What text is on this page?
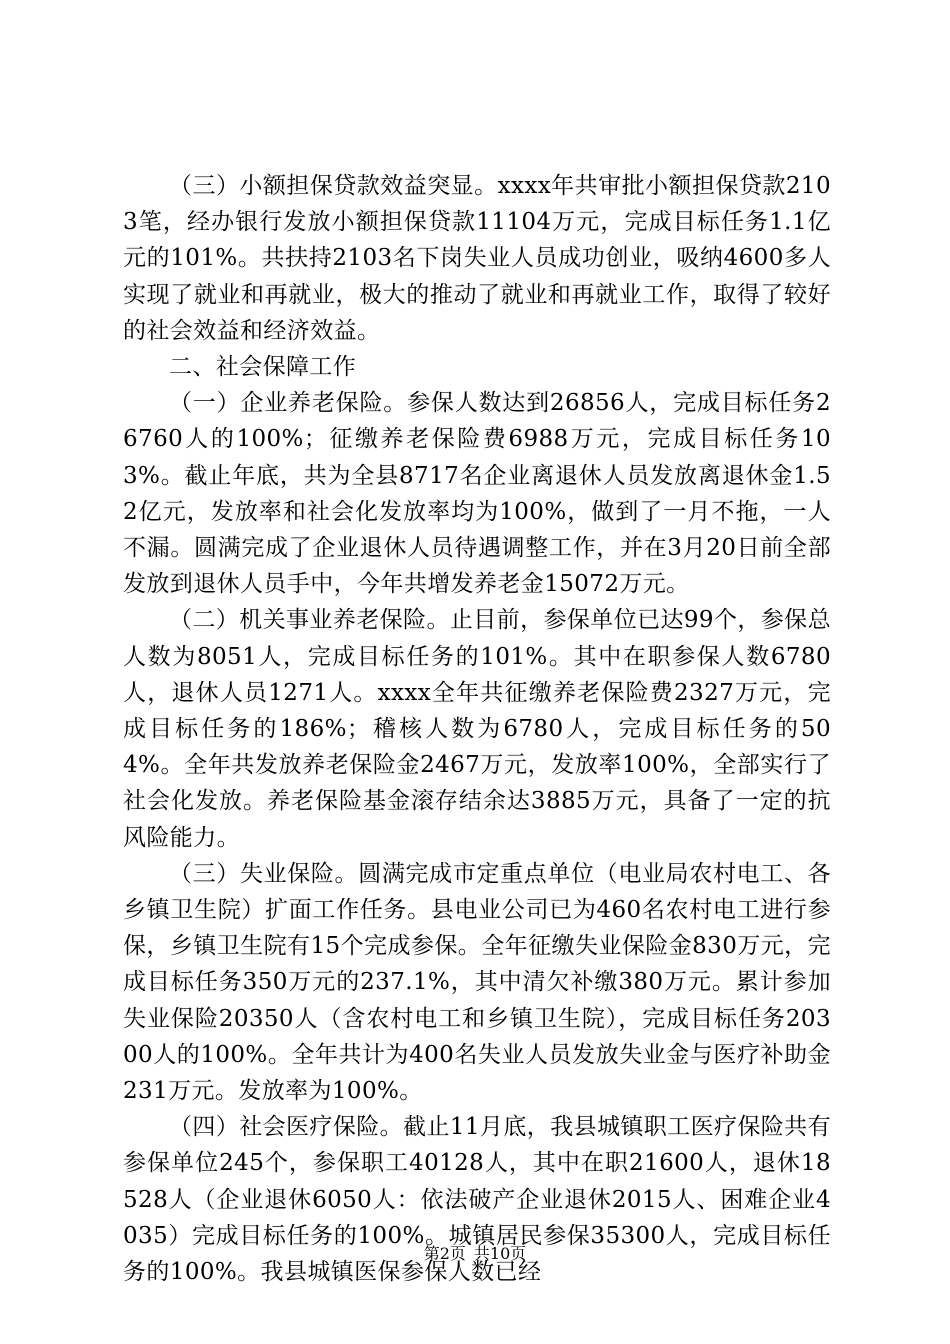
（三）小额担保贷款效益突显。xxxx年共审批小额担保贷款2103笔，经办银行发放小额担保贷款11104万元，完成目标任务1.1亿元的101%。共扶持2103名下岗失业人员成功创业，吸纳4600多人实现了就业和再就业，极大的推动了就业和再就业工作，取得了较好的社会效益和经济效益。

二、社会保障工作

（一）企业养老保险。参保人数达到26856人，完成目标任务26760人的100%；征缴养老保险费6988万元，完成目标任务103%。截止年底，共为全县8717名企业离退休人员发放离退休金1.52亿元，发放率和社会化发放率均为100%，做到了一月不拖，一人不漏。圆满完成了企业退休人员待遇调整工作，并在3月20日前全部发放到退休人员手中，今年共增发养老金15072万元。

（二）机关事业养老保险。止目前，参保单位已达99个，参保总人数为8051人，完成目标任务的101%。其中在职参保人数6780人，退休人员1271人。xxxx全年共征缴养老保险费2327万元，完成目标任务的186%；稽核人数为6780人，完成目标任务的504%。全年共发放养老保险金2467万元，发放率100%，全部实行了社会化发放。养老保险基金滚存结余达3885万元，具备了一定的抗风险能力。

（三）失业保险。圆满完成市定重点单位（电业局农村电工、各乡镇卫生院）扩面工作任务。县电业公司已为460名农村电工进行参保，乡镇卫生院有15个完成参保。全年征缴失业保险金830万元，完成目标任务350万元的237.1%，其中清欠补缴380万元。累计参加失业保险20350人（含农村电工和乡镇卫生院），完成目标任务20300人的100%。全年共计为400名失业人员发放失业金与医疗补助金231万元。发放率为100%。

（四）社会医疗保险。截止11月底，我县城镇职工医疗保险共有参保单位245个，参保职工40128人，其中在职21600人，退休18528人（企业退休6050人：依法破产企业退休2015人、困难企业4035）完成目标任务的100%。城镇居民参保35300人，完成目标任务的100%。我县城镇医保参保人数已经

第2页 共10页
